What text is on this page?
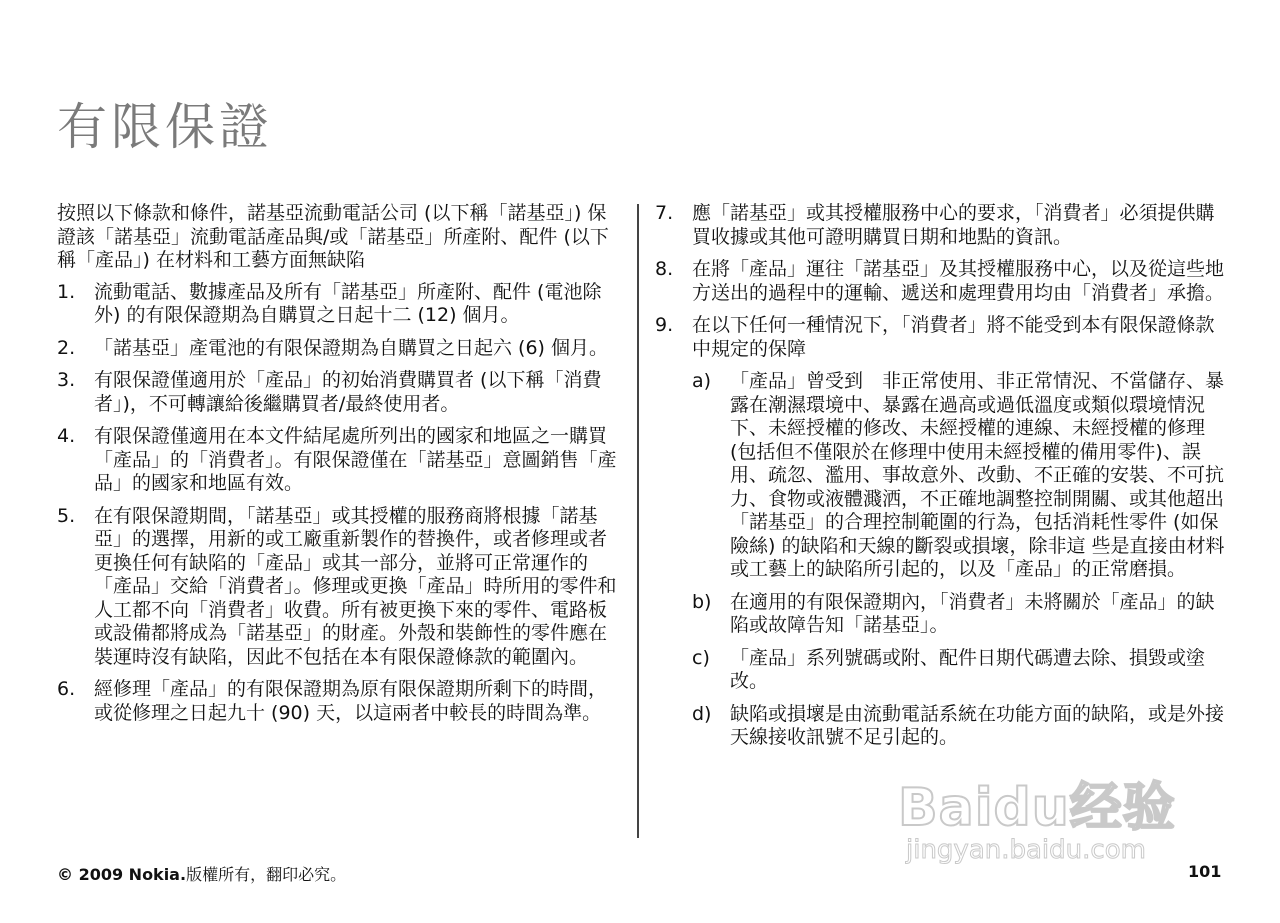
有限保證

按照以下條款和條件，諾基亞流動電話公司 (以下稱「諾基亞」) 保證該「諾基亞」流動電話產品與/或「諾基亞」所產附、配件 (以下稱「產品」) 在材料和工藝方面無缺陷

1. 流動電話、數據產品及所有「諾基亞」所產附、配件 (電池除外) 的有限保證期為自購買之日起十二 (12) 個月。
2. 「諾基亞」產電池的有限保證期為自購買之日起六 (6) 個月。
3. 有限保證僅適用於「產品」的初始消費購買者 (以下稱「消費者」)，不可轉讓給後繼購買者/最終使用者。
4. 有限保證僅適用在本文件結尾處所列出的國家和地區之一購買「產品」的「消費者」。有限保證僅在「諾基亞」意圖銷售「產品」的國家和地區有效。
5. 在有限保證期間，「諾基亞」或其授權的服務商將根據「諾基亞」的選擇，用新的或工廠重新製作的替換件，或者修理或者更換任何有缺陷的「產品」或其一部分，並將可正常運作的「產品」交給「消費者」。修理或更換「產品」時所用的零件和人工都不向「消費者」收費。所有被更換下來的零件、電路板或設備都將成為「諾基亞」的財產。外殼和裝飾性的零件應在裝運時沒有缺陷，因此不包括在本有限保證條款的範圍內。
6. 經修理「產品」的有限保證期為原有限保證期所剩下的時間，或從修理之日起九十 (90) 天，以這兩者中較長的時間為準。
7. 應「諾基亞」或其授權服務中心的要求，「消費者」必須提供購買收據或其他可證明購買日期和地點的資訊。
8. 在將「產品」運往「諾基亞」及其授權服務中心，以及從這些地方送出的過程中的運輸、遞送和處理費用均由「消費者」承擔。
9. 在以下任何一種情況下，「消費者」將不能受到本有限保證條款中規定的保障
a) 「產品」曾受到　非正常使用、非正常情況、不當儲存、暴露在潮濕環境中、暴露在過高或過低溫度或類似環境情況下、未經授權的修改、未經授權的連線、未經授權的修理 (包括但不僅限於在修理中使用未經授權的備用零件)、誤用、疏忽、濫用、事故意外、改動、不正確的安裝、不可抗力、食物或液體濺洒，不正確地調整控制開關、或其他超出「諾基亞」的合理控制範圍的行為，包括消耗性零件 (如保險絲) 的缺陷和天線的斷裂或損壞，除非這 些是直接由材料或工藝上的缺陷所引起的，以及「產品」的正常磨損。
b) 在適用的有限保證期內，「消費者」未將關於「產品」的缺陷或故障告知「諾基亞」。
c)	「產品」系列號碼或附、配件日期代碼遭去除、損毀或塗改。
d) 缺陷或損壞是由流動電話系統在功能方面的缺陷，或是外接天線接收訊號不足引起的。
Baidu经验
jingyan.baidu.com
© 2009 Nokia.版權所有，翻印必究。	101
